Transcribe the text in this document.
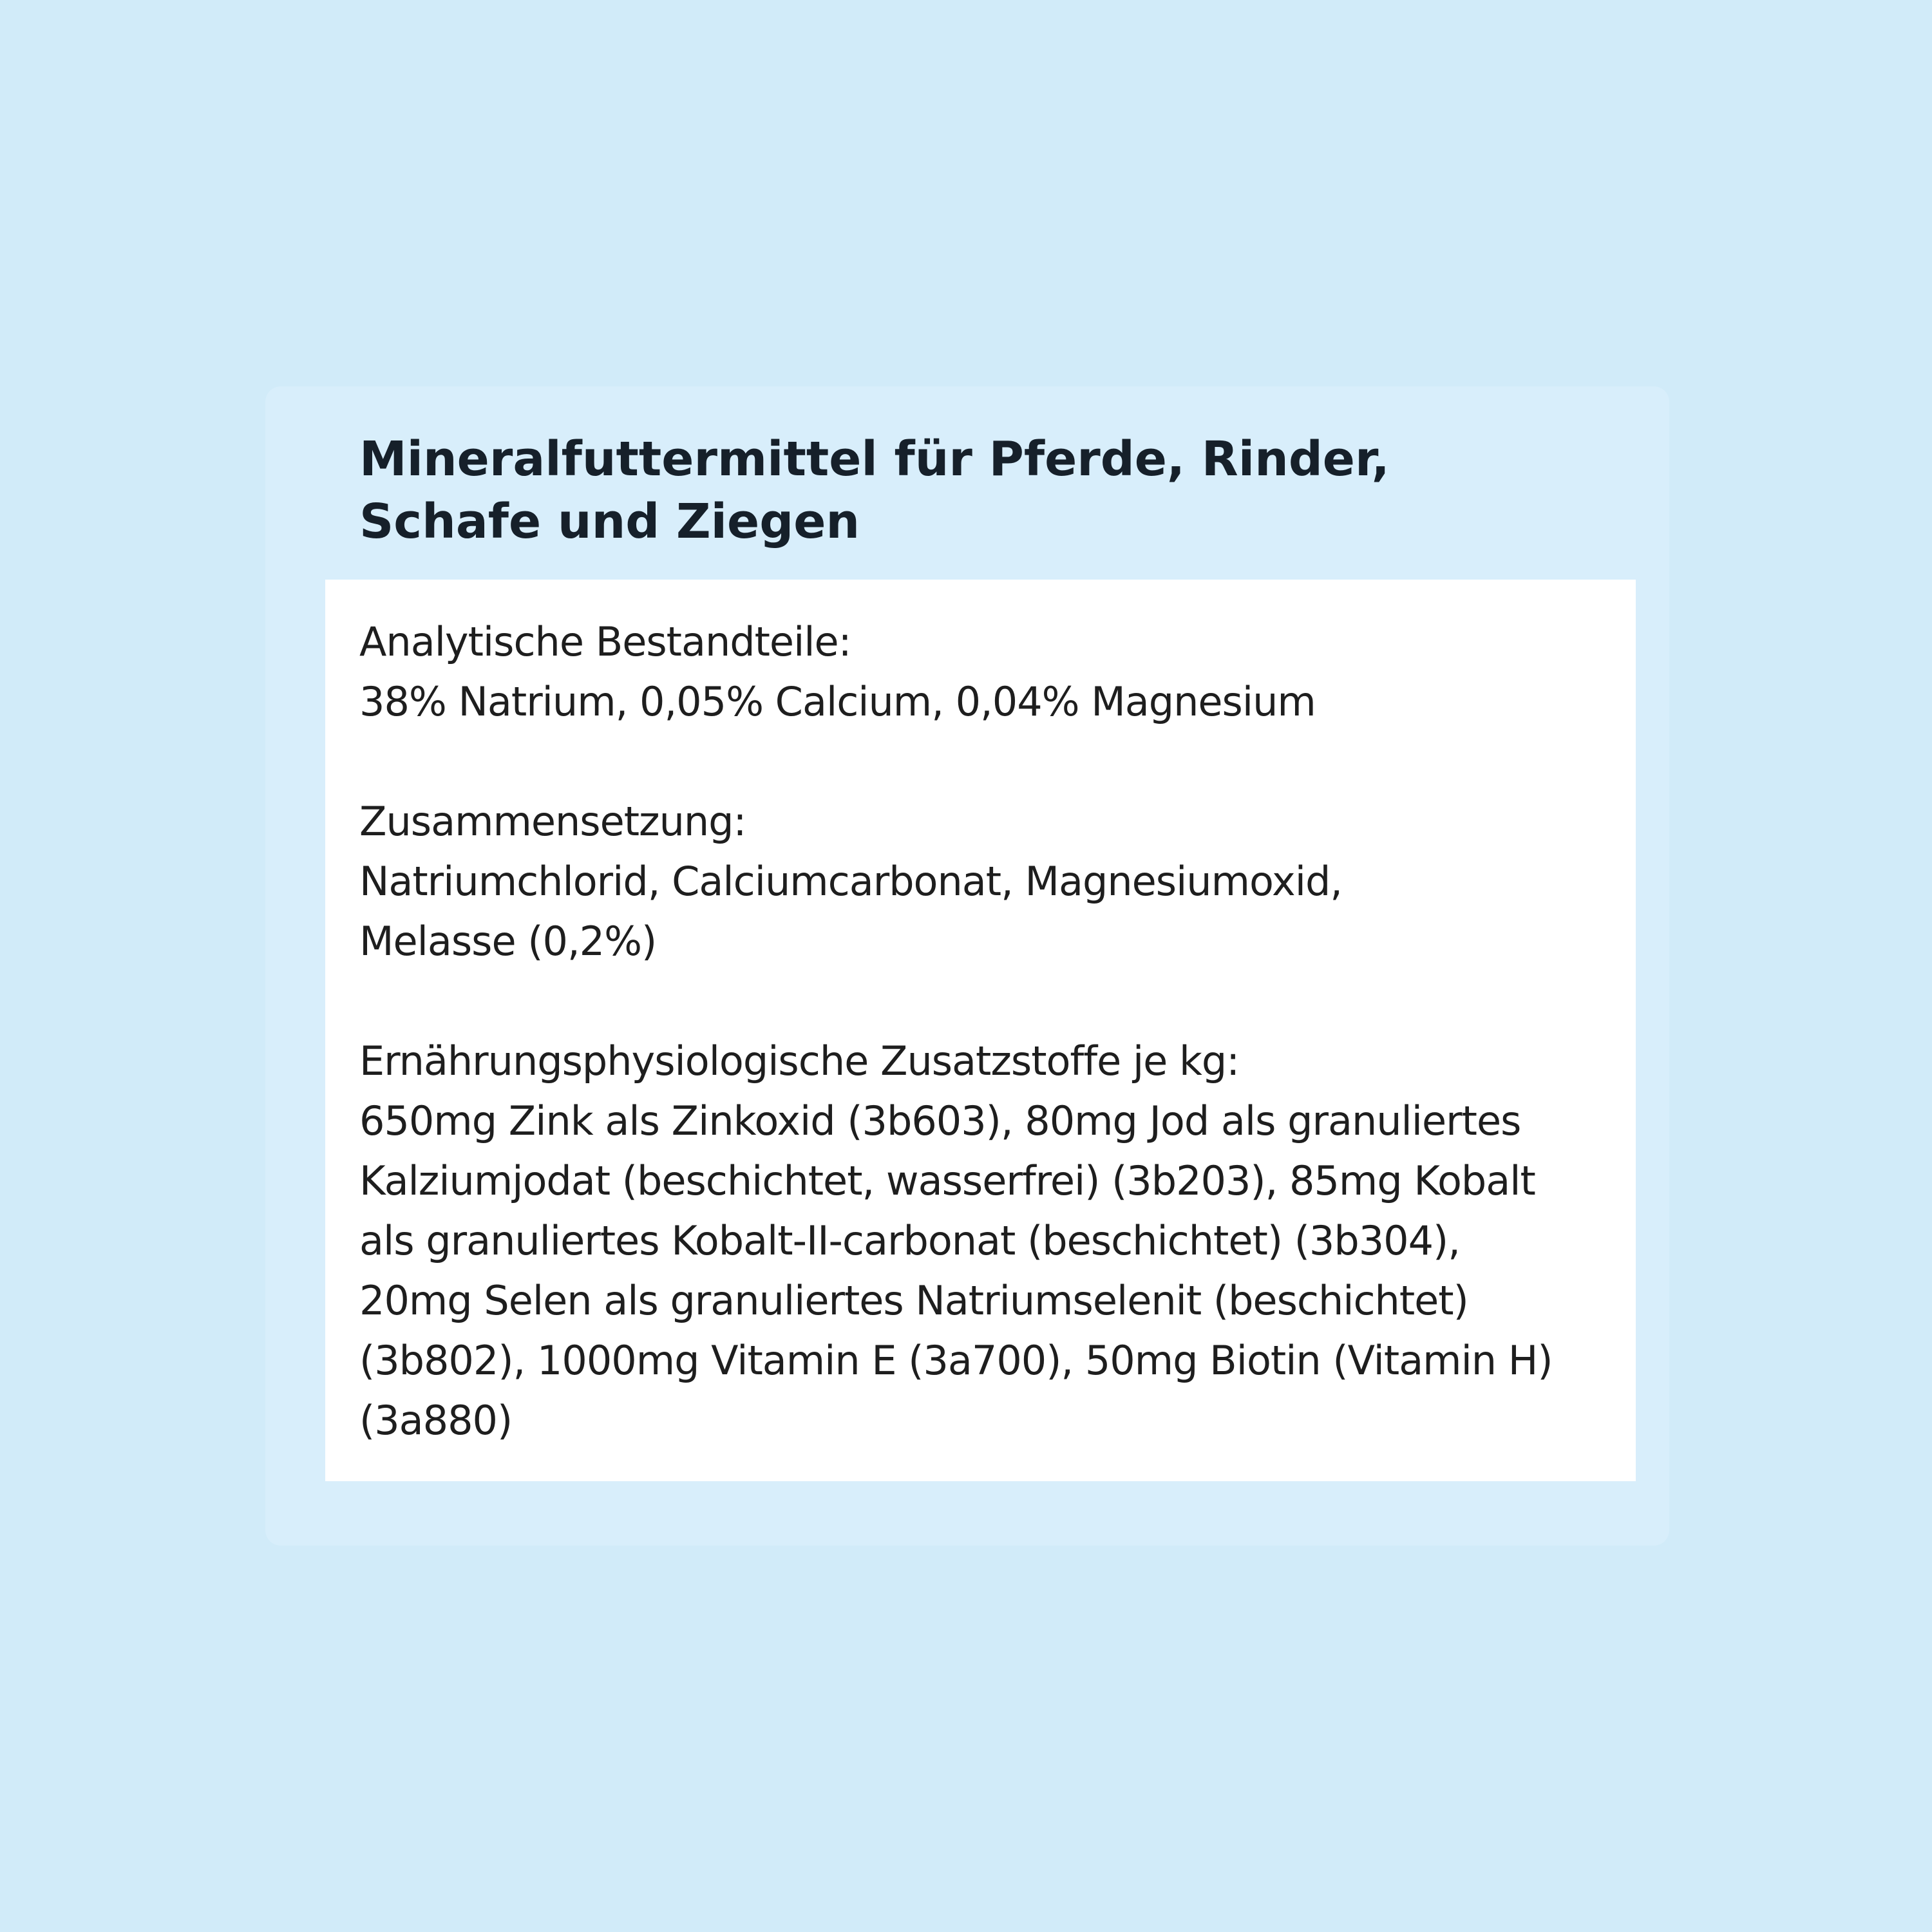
Mineralfuttermittel für Pferde, Rinder,
Schafe und Ziegen

Analytische Bestandteile:

38% Natrium, 0,05% Calcium, 0,04% Magnesium

Zusammensetzung:

Natriumchlorid, Calciumcarbonat, Magnesiumoxid,

Melasse (0,2%)

Ernährungsphysiologische Zusatzstoffe je kg:

650mg Zink als Zinkoxid (3b603), 80mg Jod als granuliertes

Kalziumjodat (beschichtet, wasserfrei) (3b203), 85mg Kobalt

als granuliertes Kobalt-II-carbonat (beschichtet) (3b304),

20mg Selen als granuliertes Natriumselenit (beschichtet)

(3b802), 1000mg Vitamin E (3a700), 50mg Biotin (Vitamin H)

(3a880)
